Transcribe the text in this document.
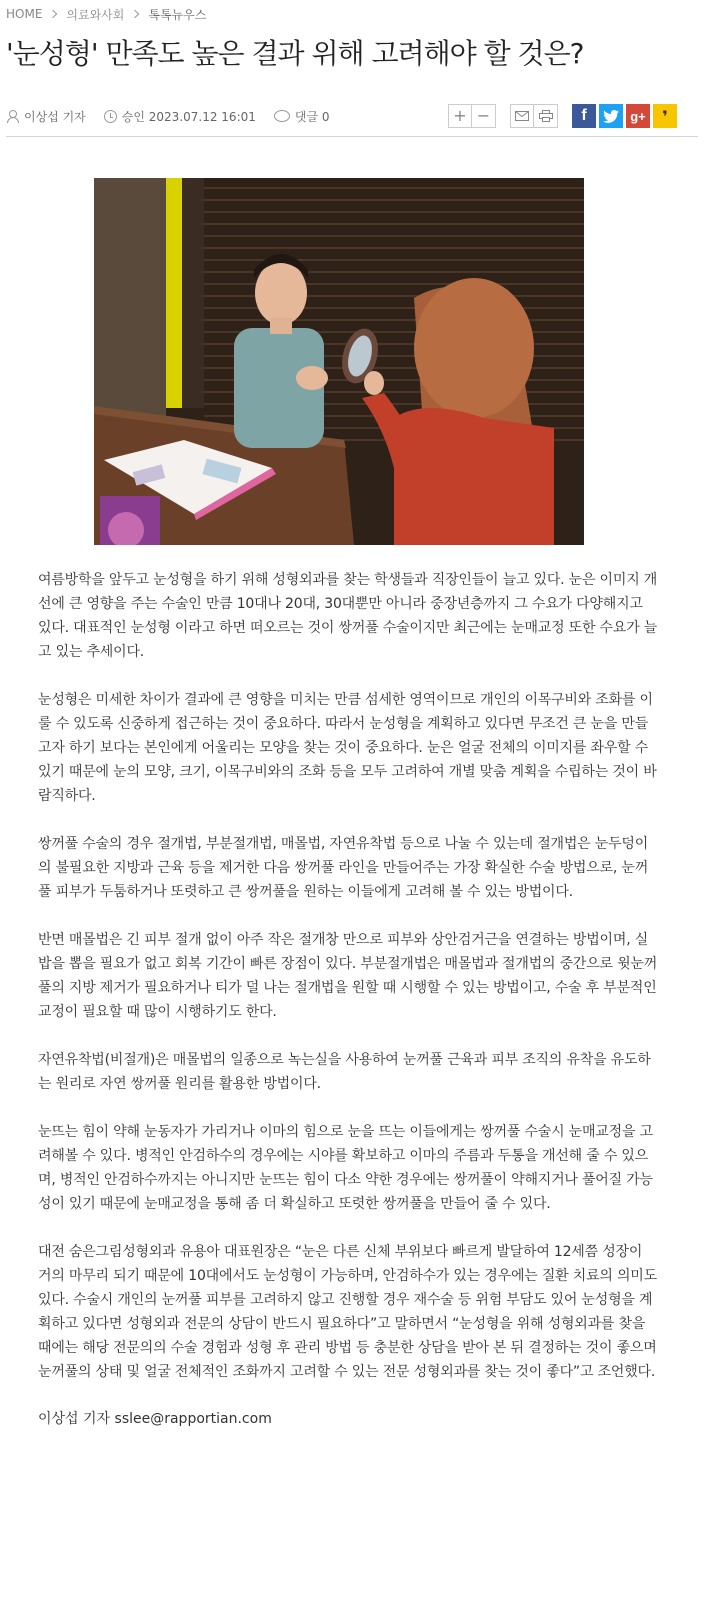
HOME 의료와사회 톡톡뉴우스
'눈성형' 만족도 높은 결과 위해 고려해야 할 것은?
이상섭 기자	승인 2023.07.12 16:01	댓글 0	+ −	f	g+	❜

여름방학을 앞두고 눈성형을 하기 위해 성형외과를 찾는 학생들과 직장인들이 늘고 있다. 눈은 이미지 개선에 큰 영향을 주는 수술인 만큼 10대나 20대, 30대뿐만 아니라 중장년층까지 그 수요가 다양해지고 있다. 대표적인 눈성형 이라고 하면 떠오르는 것이 쌍꺼풀 수술이지만 최근에는 눈매교정 또한 수요가 늘고 있는 추세이다.

눈성형은 미세한 차이가 결과에 큰 영향을 미치는 만큼 섬세한 영역이므로 개인의 이목구비와 조화를 이룰 수 있도록 신중하게 접근하는 것이 중요하다. 따라서 눈성형을 계획하고 있다면 무조건 큰 눈을 만들고자 하기 보다는 본인에게 어울리는 모양을 찾는 것이 중요하다. 눈은 얼굴 전체의 이미지를 좌우할 수 있기 때문에 눈의 모양, 크기, 이목구비와의 조화 등을 모두 고려하여 개별 맞춤 계획을 수립하는 것이 바람직하다.

쌍꺼풀 수술의 경우 절개법, 부분절개법, 매몰법, 자연유착법 등으로 나눌 수 있는데 절개법은 눈두덩이의 불필요한 지방과 근육 등을 제거한 다음 쌍꺼풀 라인을 만들어주는 가장 확실한 수술 방법으로, 눈꺼풀 피부가 두툼하거나 또렷하고 큰 쌍꺼풀을 원하는 이들에게 고려해 볼 수 있는 방법이다.

반면 매몰법은 긴 피부 절개 없이 아주 작은 절개창 만으로 피부와 상안검거근을 연결하는 방법이며, 실밥을 뽑을 필요가 없고 회복 기간이 빠른 장점이 있다. 부분절개법은 매몰법과 절개법의 중간으로 윗눈꺼풀의 지방 제거가 필요하거나 티가 덜 나는 절개법을 원할 때 시행할 수 있는 방법이고, 수술 후 부분적인 교정이 필요할 때 많이 시행하기도 한다.

자연유착법(비절개)은 매몰법의 일종으로 녹는실을 사용하여 눈꺼풀 근육과 피부 조직의 유착을 유도하는 원리로 자연 쌍꺼풀 원리를 활용한 방법이다.

눈뜨는 힘이 약해 눈동자가 가리거나 이마의 힘으로 눈을 뜨는 이들에게는 쌍꺼풀 수술시 눈매교정을 고려해볼 수 있다. 병적인 안검하수의 경우에는 시야를 확보하고 이마의 주름과 두통을 개선해 줄 수 있으며, 병적인 안검하수까지는 아니지만 눈뜨는 힘이 다소 약한 경우에는 쌍꺼풀이 약해지거나 풀어질 가능성이 있기 때문에 눈매교정을 통해 좀 더 확실하고 또렷한 쌍꺼풀을 만들어 줄 수 있다.

대전 숨은그림성형외과 유용아 대표원장은 “눈은 다른 신체 부위보다 빠르게 발달하여 12세쯤 성장이 거의 마무리 되기 때문에 10대에서도 눈성형이 가능하며, 안검하수가 있는 경우에는 질환 치료의 의미도 있다. 수술시 개인의 눈꺼풀 피부를 고려하지 않고 진행할 경우 재수술 등 위험 부담도 있어 눈성형을 계획하고 있다면 성형외과 전문의 상담이 반드시 필요하다”고 말하면서 “눈성형을 위해 성형외과를 찾을 때에는 해당 전문의의 수술 경험과 성형 후 관리 방법 등 충분한 상담을 받아 본 뒤 결정하는 것이 좋으며 눈꺼풀의 상태 및 얼굴 전체적인 조화까지 고려할 수 있는 전문 성형외과를 찾는 것이 좋다”고 조언했다.

이상섭 기자 sslee@rapportian.com
